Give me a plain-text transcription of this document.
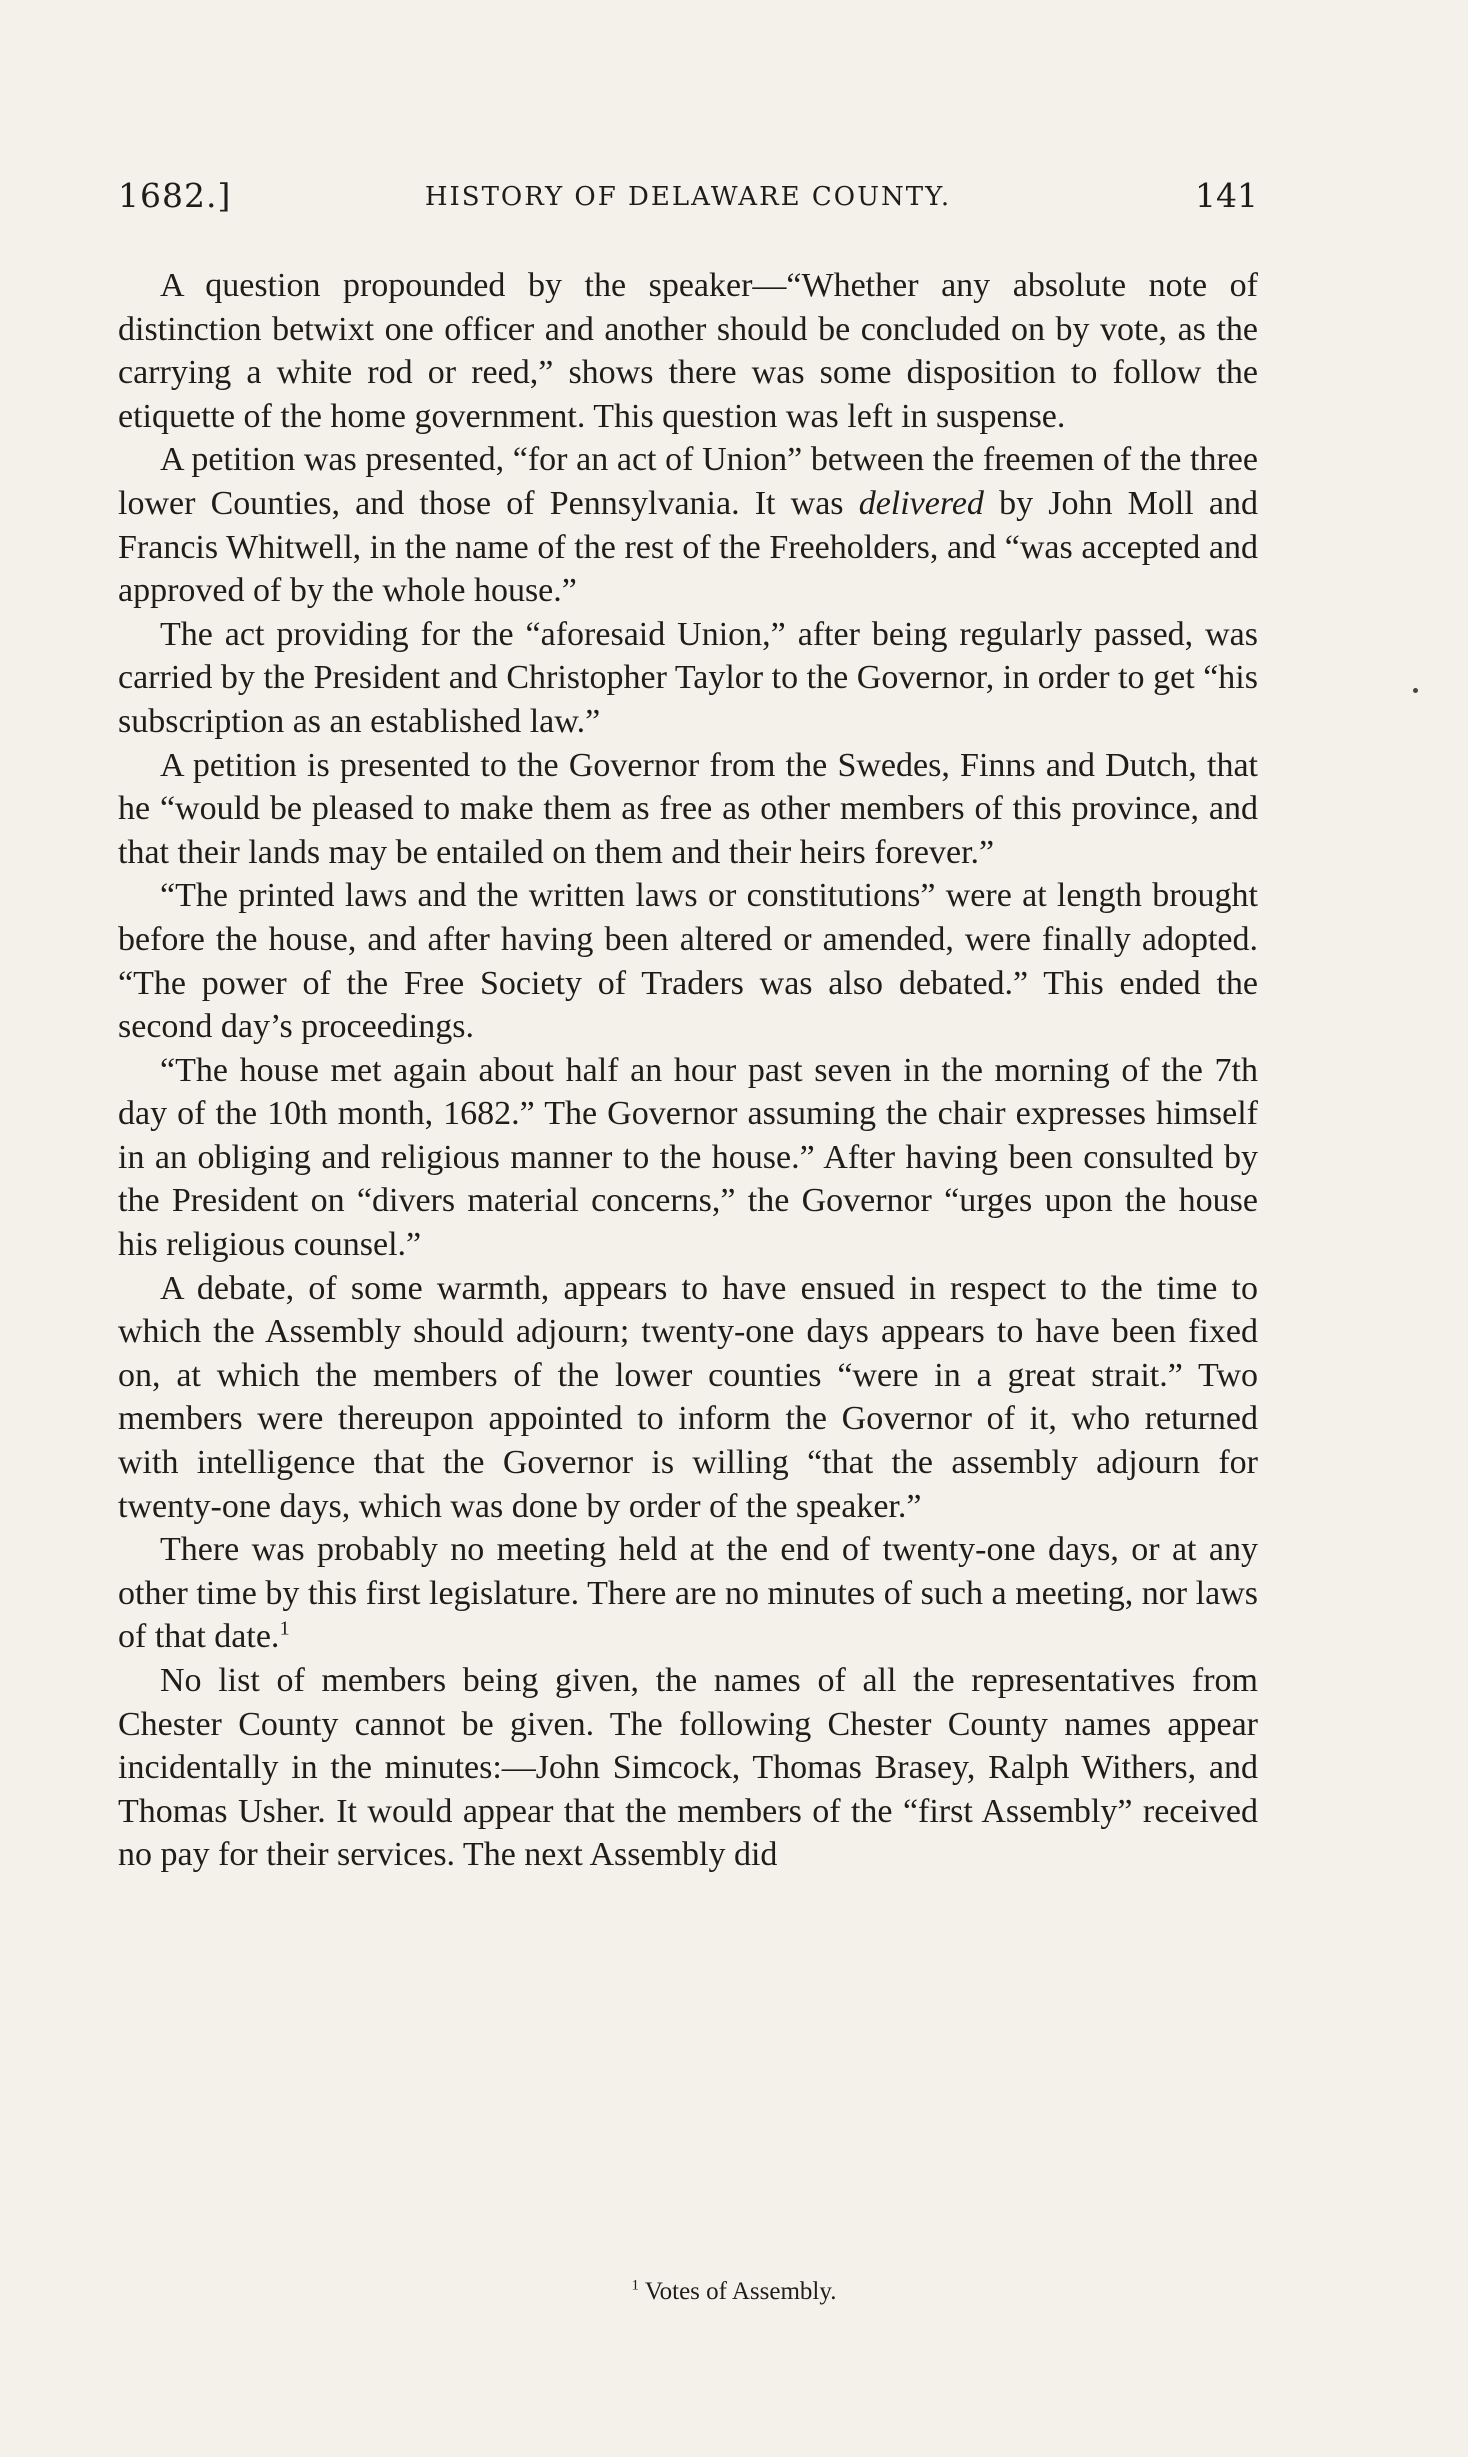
1682.]	HISTORY OF DELAWARE COUNTY.	141

A question propounded by the speaker—“Whether any absolute note of distinction betwixt one officer and another should be concluded on by vote, as the carrying a white rod or reed,” shows there was some disposition to follow the etiquette of the home government. This question was left in suspense.

A petition was presented, “for an act of Union” between the freemen of the three lower Counties, and those of Pennsylvania. It was delivered by John Moll and Francis Whitwell, in the name of the rest of the Freeholders, and “was accepted and approved of by the whole house.”

The act providing for the “aforesaid Union,” after being regularly passed, was carried by the President and Christopher Taylor to the Governor, in order to get “his subscription as an established law.”

A petition is presented to the Governor from the Swedes, Finns and Dutch, that he “would be pleased to make them as free as other members of this province, and that their lands may be entailed on them and their heirs forever.”

“The printed laws and the written laws or constitutions” were at length brought before the house, and after having been altered or amended, were finally adopted. “The power of the Free Society of Traders was also debated.” This ended the second day’s proceedings.

“The house met again about half an hour past seven in the morning of the 7th day of the 10th month, 1682.” The Governor assuming the chair expresses himself in an obliging and religious manner to the house.” After having been consulted by the President on “divers material concerns,” the Governor “urges upon the house his religious counsel.”

A debate, of some warmth, appears to have ensued in respect to the time to which the Assembly should adjourn; twenty-one days appears to have been fixed on, at which the members of the lower counties “were in a great strait.” Two members were thereupon appointed to inform the Governor of it, who returned with intelligence that the Governor is willing “that the assembly adjourn for twenty-one days, which was done by order of the speaker.”

There was probably no meeting held at the end of twenty-one days, or at any other time by this first legislature. There are no minutes of such a meeting, nor laws of that date.$^1$

No list of members being given, the names of all the representatives from Chester County cannot be given. The following Chester County names appear incidentally in the minutes:—John Simcock, Thomas Brasey, Ralph Withers, and Thomas Usher. It would appear that the members of the “first Assembly” received no pay for their services. The next Assembly did

$^1$ Votes of Assembly.
